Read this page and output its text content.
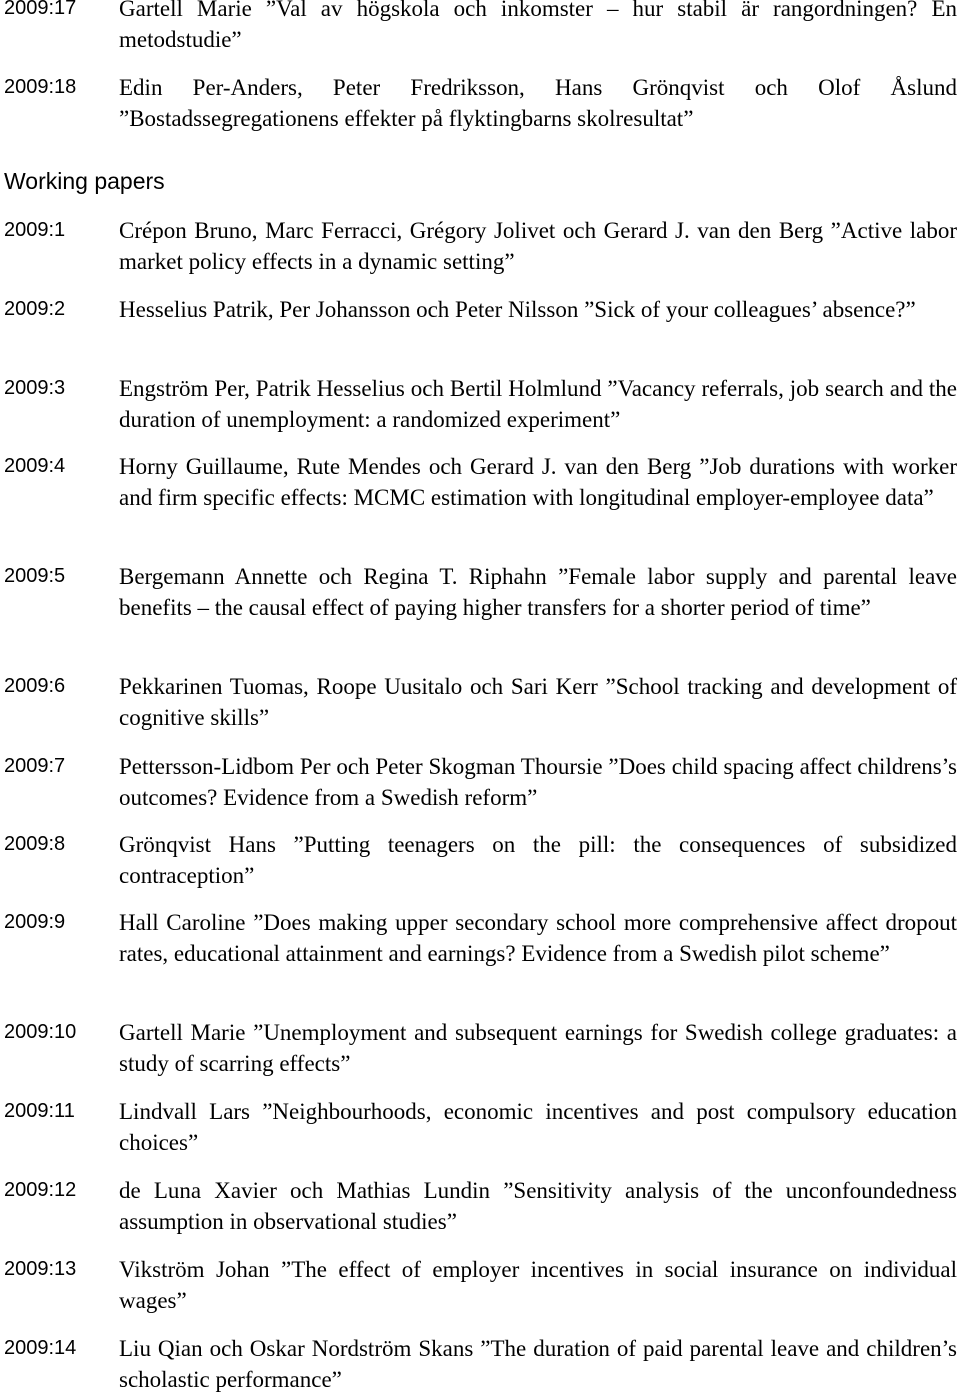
2009:17 Gartell Marie ”Val av högskola och inkomster – hur stabil är rangordningen? En metodstudie”
2009:18 Edin Per-Anders, Peter Fredriksson, Hans Grönqvist och Olof Åslund ”Bostadssegregationens effekter på flyktingbarns skolresultat”
Working papers
2009:1 Crépon Bruno, Marc Ferracci, Grégory Jolivet och Gerard J. van den Berg ”Active labor market policy effects in a dynamic setting”
2009:2 Hesselius Patrik, Per Johansson och Peter Nilsson ”Sick of your colleagues’ absence?”
2009:3 Engström Per, Patrik Hesselius och Bertil Holmlund ”Vacancy referrals, job search and the duration of unemployment: a randomized experiment”
2009:4 Horny Guillaume, Rute Mendes och Gerard J. van den Berg ”Job durations with worker and firm specific effects: MCMC estimation with longitudinal employer-employee data”
2009:5 Bergemann Annette och Regina T. Riphahn ”Female labor supply and parental leave benefits – the causal effect of paying higher transfers for a shorter period of time”
2009:6 Pekkarinen Tuomas, Roope Uusitalo och Sari Kerr ”School tracking and development of cognitive skills”
2009:7 Pettersson-Lidbom Per och Peter Skogman Thoursie ”Does child spacing affect childrens’s outcomes? Evidence from a Swedish reform”
2009:8 Grönqvist Hans ”Putting teenagers on the pill: the consequences of subsidized contraception”
2009:9 Hall Caroline ”Does making upper secondary school more comprehensive affect dropout rates, educational attainment and earnings? Evidence from a Swedish pilot scheme”
2009:10 Gartell Marie ”Unemployment and subsequent earnings for Swedish college graduates: a study of scarring effects”
2009:11 Lindvall Lars ”Neighbourhoods, economic incentives and post compulsory education choices”
2009:12 de Luna Xavier och Mathias Lundin ”Sensitivity analysis of the unconfoundedness assumption in observational studies”
2009:13 Vikström Johan ”The effect of employer incentives in social insurance on individual wages”
2009:14 Liu Qian och Oskar Nordström Skans ”The duration of paid parental leave and children’s scholastic performance”
